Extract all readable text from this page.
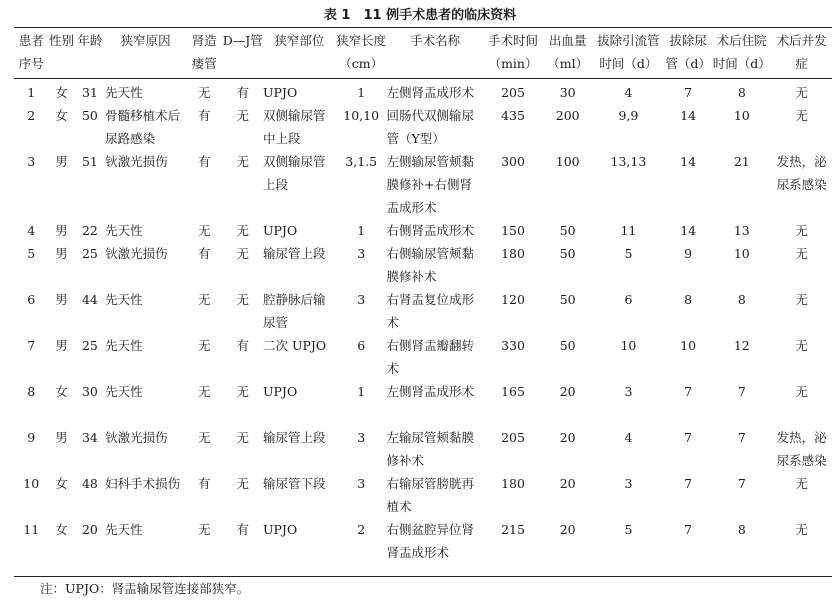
表 1　11 例手术患者的临床资料
患者序号	性别	年龄	狭窄原因	肾造瘘管	D—J管	狭窄部位	狭窄长度（cm）	手术名称	手术时间（min）	出血量（ml）	拔除引流管时间（d）	拔除尿管（d）	术后住院时间（d）	术后并发症
1	女	31	先天性	无	有	UPJO	1	左侧肾盂成形术	205	30	4	7	8	无
2	女	50	骨髓移植术后尿路感染	有	无	双侧输尿管中上段	10,10	回肠代双侧输尿管（Y型）	435	200	9,9	14	10	无
3	男	51	钬激光损伤	有	无	双侧输尿管上段	3,1.5	左侧输尿管颊黏膜修补+右侧肾盂成形术	300	100	13,13	14	21	发热，泌尿系感染
4	男	22	先天性	无	无	UPJO	1	右侧肾盂成形术	150	50	11	14	13	无
5	男	25	钬激光损伤	有	无	输尿管上段	3	右侧输尿管颊黏膜修补术	180	50	5	9	10	无
6	男	44	先天性	无	无	腔静脉后输尿管	3	右肾盂复位成形术	120	50	6	8	8	无
7	男	25	先天性	无	有	二次 UPJO	6	右侧肾盂瓣翻转术	330	50	10	10	12	无
8	女	30	先天性	无	无	UPJO	1	左侧肾盂成形术	165	20	3	7	7	无
9	男	34	钬激光损伤	无	无	输尿管上段	3	左输尿管颊黏膜修补术	205	20	4	7	7	发热，泌尿系感染
10	女	48	妇科手术损伤	有	无	输尿管下段	3	右输尿管膀胱再植术	180	20	3	7	7	无
11	女	20	先天性	无	有	UPJO	2	右侧盆腔异位肾肾盂成形术	215	20	5	7	8	无
注：UPJO：肾盂输尿管连接部狭窄。
